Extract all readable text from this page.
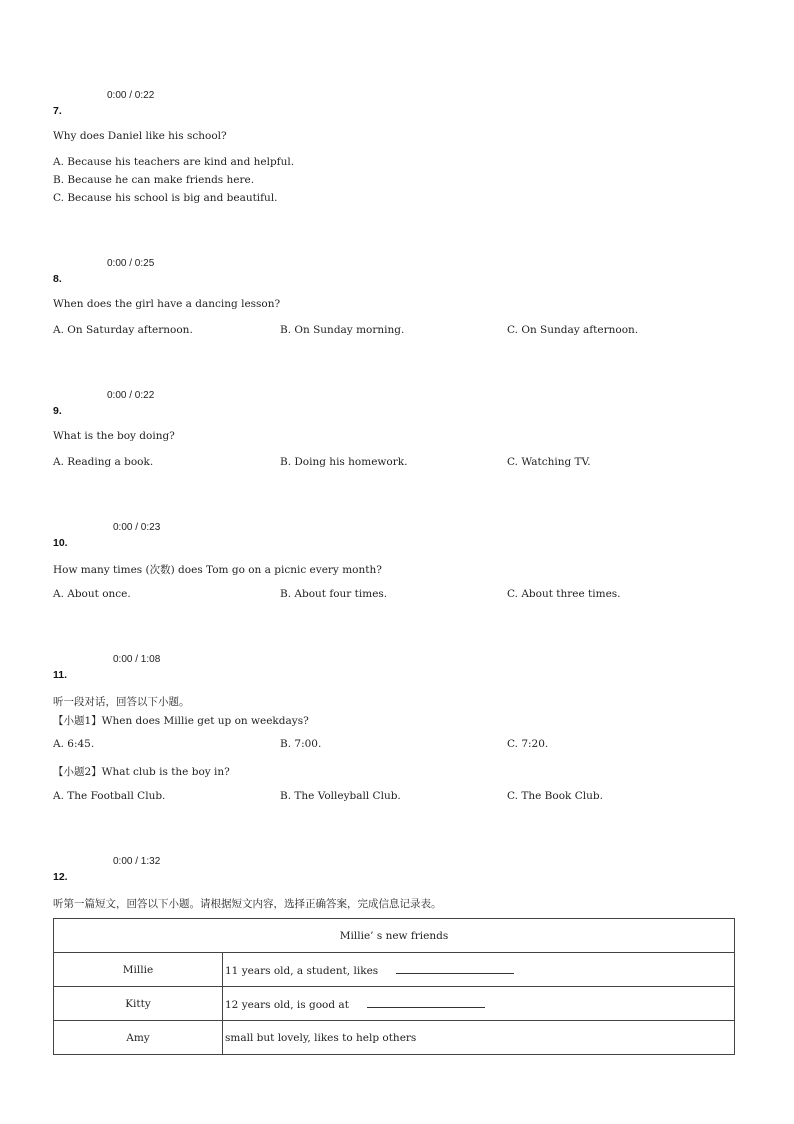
0:00 / 0:22
7.
Why does Daniel like his school?
A. Because his teachers are kind and helpful.
B. Because he can make friends here.
C. Because his school is big and beautiful.
0:00 / 0:25
8.
When does the girl have a dancing lesson?
A. On Saturday afternoon.	B. On Sunday morning.	C. On Sunday afternoon.
0:00 / 0:22
9.
What is the boy doing?
A. Reading a book.	B. Doing his homework.	C. Watching TV.
0:00 / 0:23
10.
How many times (次数) does Tom go on a picnic every month?
A. About once.	B. About four times.	C. About three times.
0:00 / 1:08
11.
听一段对话，回答以下小题。
【小题1】When does Millie get up on weekdays?
A. 6:45.	B. 7:00.	C. 7:20.
【小题2】What club is the boy in?
A. The Football Club.	B. The Volleyball Club.	C. The Book Club.
0:00 / 1:32
12.
听第一篇短文，回答以下小题。请根据短文内容，选择正确答案，完成信息记录表。
Millie’ s new friends	
Millie	11 years old, a student, likes
Kitty	12 years old, is good at
Amy	small but lovely, likes to help others
